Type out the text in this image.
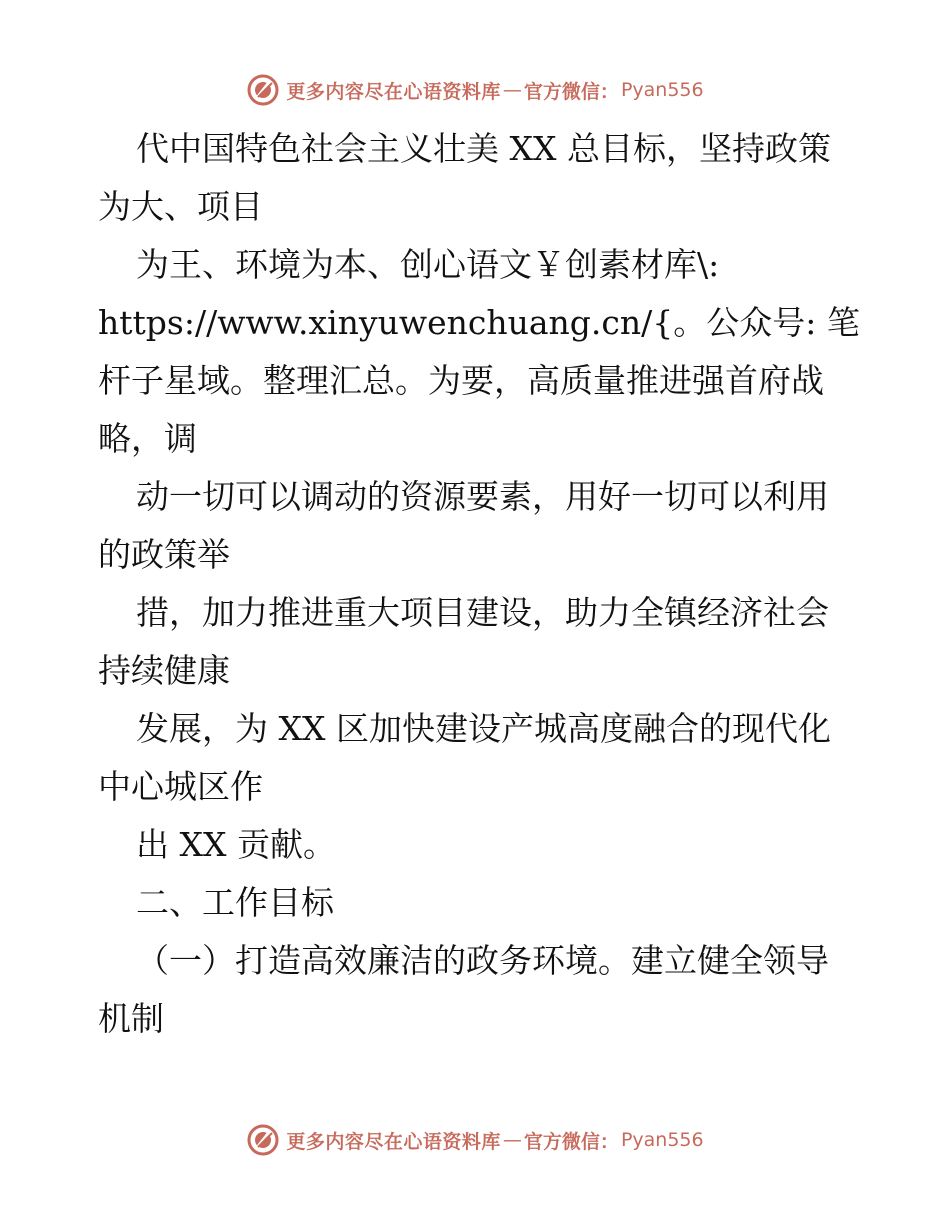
更多内容尽在心语资料库 — 官方微信： Pyan556
代中国特色社会主义壮美 XX 总目标，坚持政策
为大、项目
为王、环境为本、创心语文￥创素材库\:
https://www.xinyuwenchuang.cn/{。公众号: 笔
杆子星域。整理汇总。为要，高质量推进强首府战
略，调
动一切可以调动的资源要素，用好一切可以利用
的政策举
措，加力推进重大项目建设，助力全镇经济社会
持续健康
发展，为 XX 区加快建设产城高度融合的现代化
中心城区作
出 XX 贡献。
二、工作目标
（一）打造高效廉洁的政务环境。建立健全领导
机制
更多内容尽在心语资料库 — 官方微信： Pyan556
